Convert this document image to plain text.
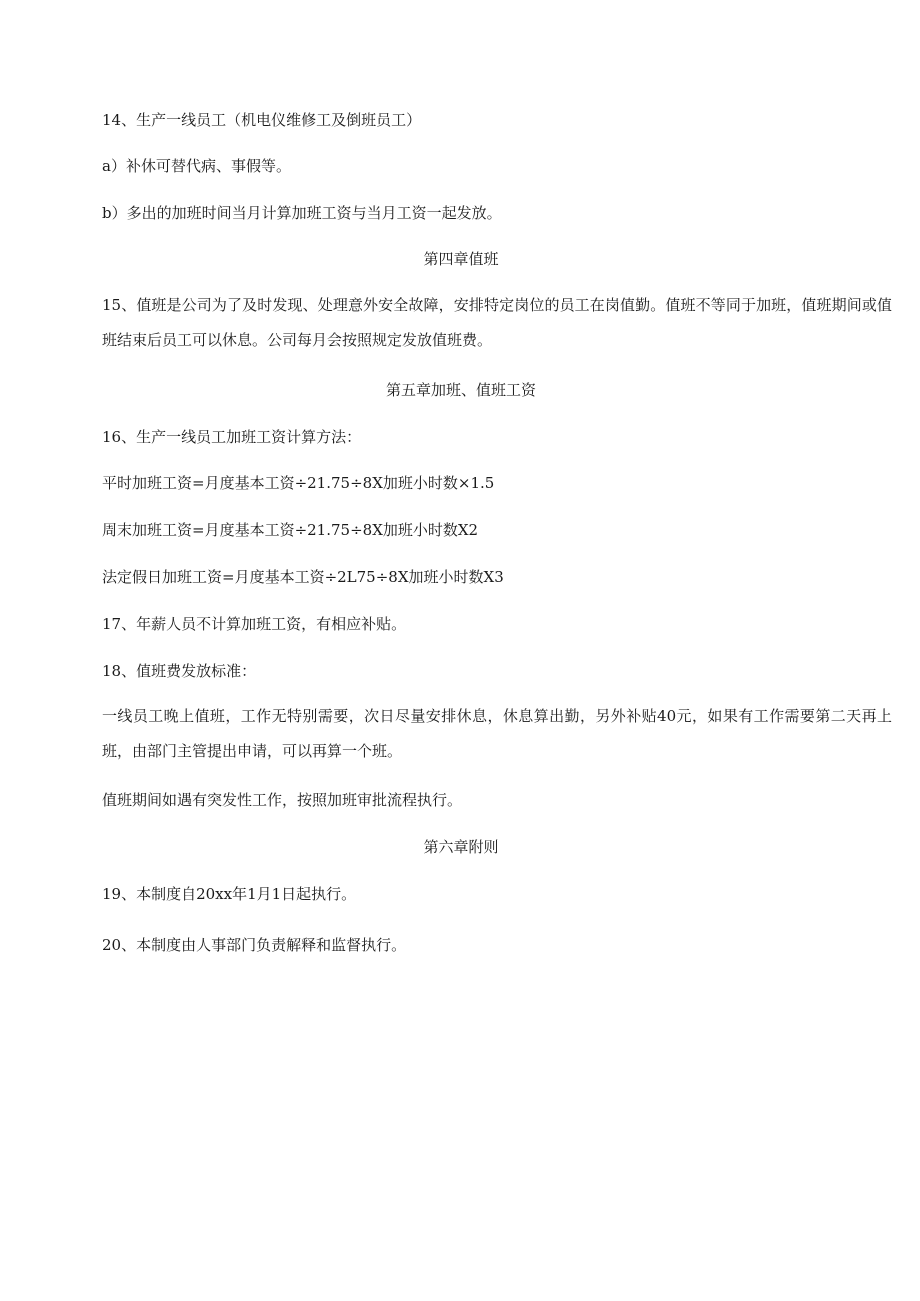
14、生产一线员工（机电仪维修工及倒班员工）
a）补休可替代病、事假等。
b）多出的加班时间当月计算加班工资与当月工资一起发放。
第四章值班
15、值班是公司为了及时发现、处理意外安全故障，安排特定岗位的员工在岗值勤。值班不等同于加班，值班期间或值班结束后员工可以休息。公司每月会按照规定发放值班费。
第五章加班、值班工资
16、生产一线员工加班工资计算方法：
平时加班工资=月度基本工资÷21.75÷8X加班小时数×1.5
周末加班工资=月度基本工资÷21.75÷8X加班小时数X2
法定假日加班工资=月度基本工资÷2L75÷8X加班小时数X3
17、年薪人员不计算加班工资，有相应补贴。
18、值班费发放标准：
一线员工晚上值班，工作无特别需要，次日尽量安排休息，休息算出勤，另外补贴40元，如果有工作需要第二天再上班，由部门主管提出申请，可以再算一个班。
值班期间如遇有突发性工作，按照加班审批流程执行。
第六章附则
19、本制度自20xx年1月1日起执行。
20、本制度由人事部门负责解释和监督执行。
